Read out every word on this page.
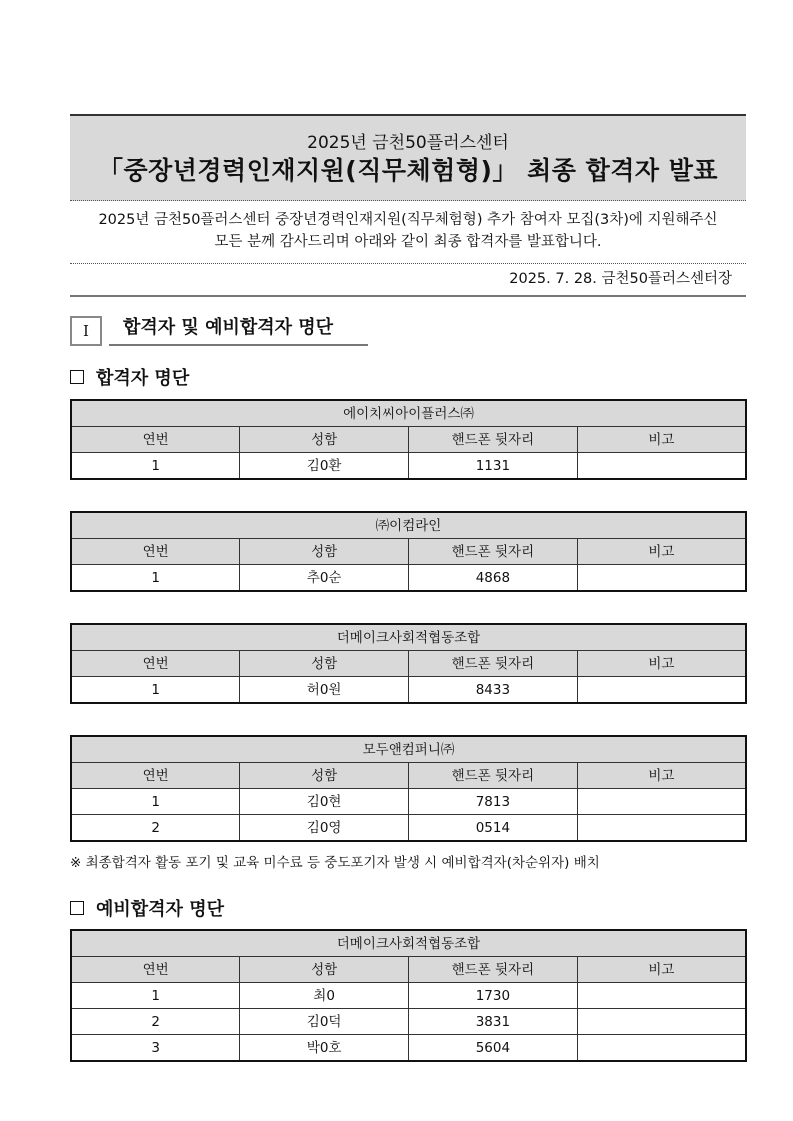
2025년 금천50플러스센터
「중장년경력인재지원(직무체험형)」 최종 합격자 발표
2025년 금천50플러스센터 중장년경력인재지원(직무체험형) 추가 참여자 모집(3차)에 지원해주신
모든 분께 감사드리며 아래와 같이 최종 합격자를 발표합니다.
2025. 7. 28. 금천50플러스센터장
Ⅰ	합격자 및 예비합격자 명단
합격자 명단
에이치씨아이플러스㈜			
연번	성함	핸드폰 뒷자리	비고
1	김0환	1131	
㈜이컴라인			
연번	성함	핸드폰 뒷자리	비고
1	추0순	4868	
더메이크사회적협동조합			
연번	성함	핸드폰 뒷자리	비고
1	허0원	8433	
모두앤컴퍼니㈜			
연번	성함	핸드폰 뒷자리	비고
1	김0현	7813	
2	김0영	0514	
※ 최종합격자 활동 포기 및 교육 미수료 등 중도포기자 발생 시 예비합격자(차순위자) 배치
예비합격자 명단
더메이크사회적협동조합			
연번	성함	핸드폰 뒷자리	비고
1	최0	1730	
2	김0덕	3831	
3	박0호	5604	
